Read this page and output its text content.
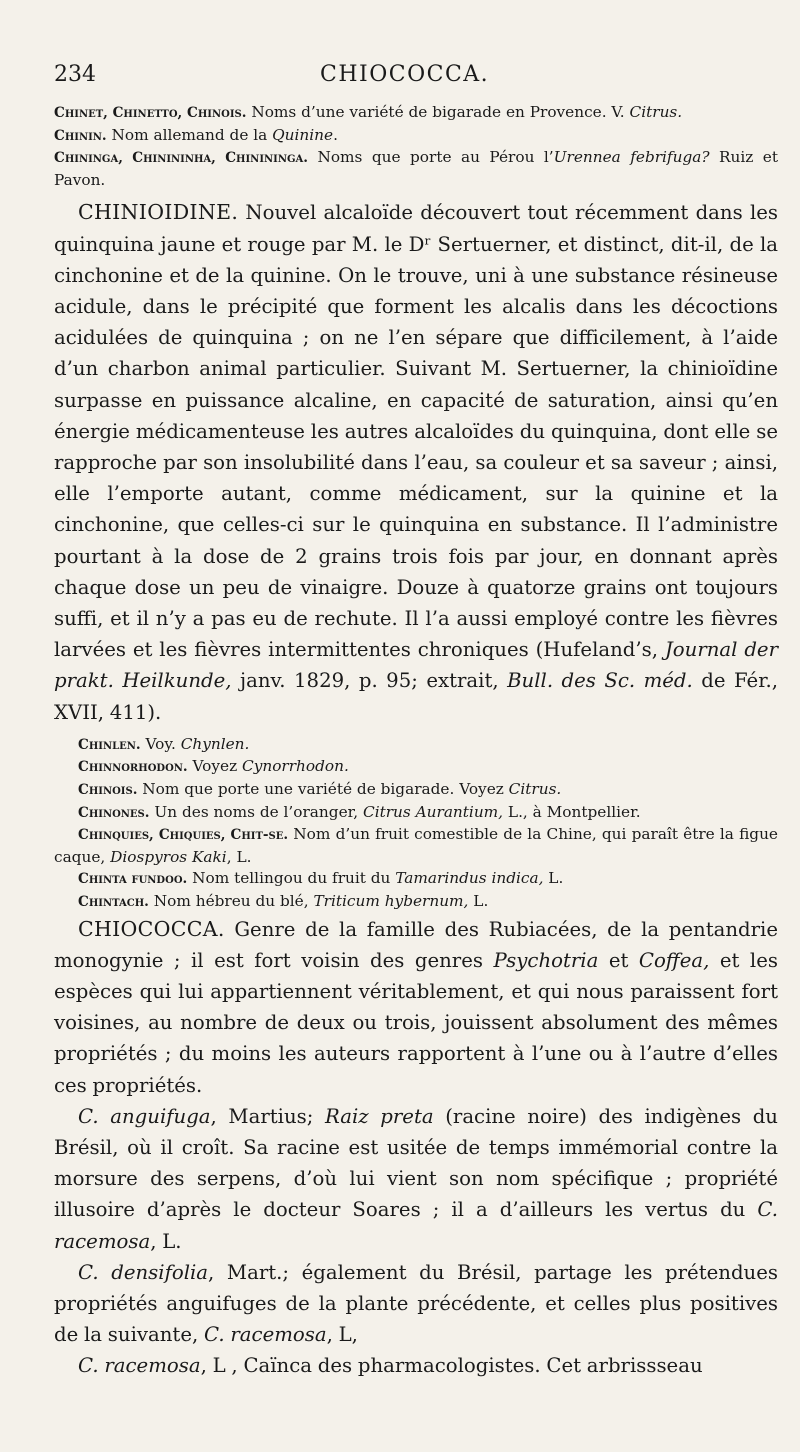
234	CHIOCOCCA.

Chinet, Chinetto, Chinois. Noms d’une variété de bigarade en Provence. V. Citrus.

Chinin. Nom allemand de la Quinine.

Chininga, Chinininha, Chinininga. Noms que porte au Pérou l’Urennea febrifuga? Ruiz et Pavon.

CHINIOIDINE. Nouvel alcaloïde découvert tout récemment dans les quinquina jaune et rouge par M. le Dʳ Sertuerner, et distinct, dit-il, de la cinchonine et de la quinine. On le trouve, uni à une substance résineuse acidule, dans le précipité que forment les alcalis dans les décoctions acidulées de quinquina ; on ne l’en sépare que difficilement, à l’aide d’un charbon animal particulier. Suivant M. Sertuerner, la chinioïdine surpasse en puissance alcaline, en capacité de saturation, ainsi qu’en énergie médicamenteuse les autres alcaloïdes du quinquina, dont elle se rapproche par son insolubilité dans l’eau, sa couleur et sa saveur ; ainsi, elle l’emporte autant, comme médicament, sur la quinine et la cinchonine, que celles-ci sur le quinquina en substance. Il l’administre pourtant à la dose de 2 grains trois fois par jour, en donnant après chaque dose un peu de vinaigre. Douze à quatorze grains ont toujours suffi, et il n’y a pas eu de rechute. Il l’a aussi employé contre les fièvres larvées et les fièvres intermittentes chroniques (Hufeland’s, Journal der prakt. Heilkunde, janv. 1829, p. 95; extrait, Bull. des Sc. méd. de Fér., XVII, 411).

Chinlen. Voy. Chynlen.

Chinnorhodon. Voyez Cynorrhodon.

Chinois. Nom que porte une variété de bigarade. Voyez Citrus.

Chinones. Un des noms de l’oranger, Citrus Aurantium, L., à Montpellier.

Chinquies, Chiquies, Chit-se. Nom d’un fruit comestible de la Chine, qui paraît être la figue caque, Diospyros Kaki, L.

Chinta fundoo. Nom tellingou du fruit du Tamarindus indica, L.

Chintach. Nom hébreu du blé, Triticum hybernum, L.

CHIOCOCCA. Genre de la famille des Rubiacées, de la pentandrie monogynie ; il est fort voisin des genres Psychotria et Coffea, et les espèces qui lui appartiennent véritablement, et qui nous paraissent fort voisines, au nombre de deux ou trois, jouissent absolument des mêmes propriétés ; du moins les auteurs rapportent à l’une ou à l’autre d’elles ces propriétés.

C. anguifuga, Martius; Raiz preta (racine noire) des indigènes du Brésil, où il croît. Sa racine est usitée de temps immémorial contre la morsure des serpens, d’où lui vient son nom spécifique ; propriété illusoire d’après le docteur Soares ; il a d’ailleurs les vertus du C. racemosa, L.

C. densifolia, Mart.; également du Brésil, partage les prétendues propriétés anguifuges de la plante précédente, et celles plus positives de la suivante, C. racemosa, L,

C. racemosa, L , Caïnca des pharmacologistes. Cet arbrissseau
